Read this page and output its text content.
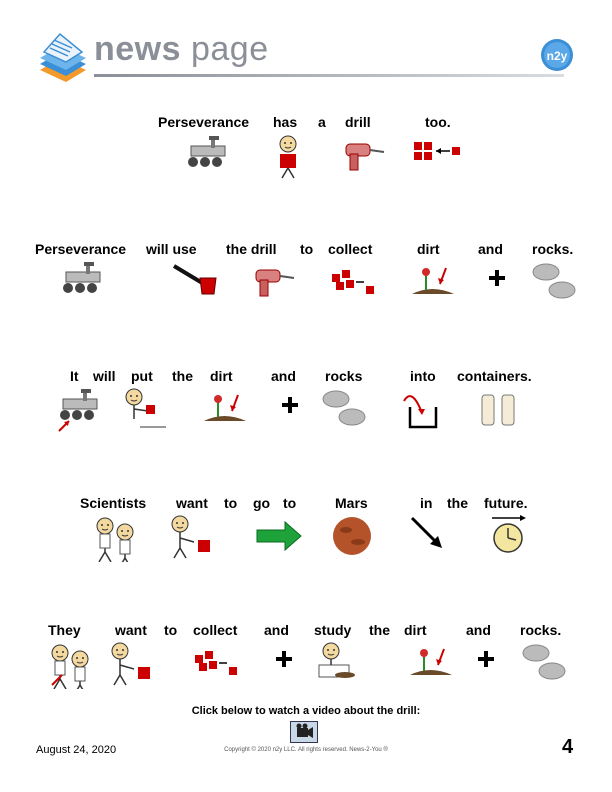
news page	n2y
Perseverance has a drill	too.
Perseverance will use the drill to collect	dirt	and rocks.
It will put the dirt	and rocks	into containers.
Scientists want to go to	Mars	in the future.
They want to collect and study the dirt	and rocks.
Click below to watch a video about the drill:
August 24, 2020	Copyright © 2020 n2y LLC. All rights reserved. News-2-You ®	4
